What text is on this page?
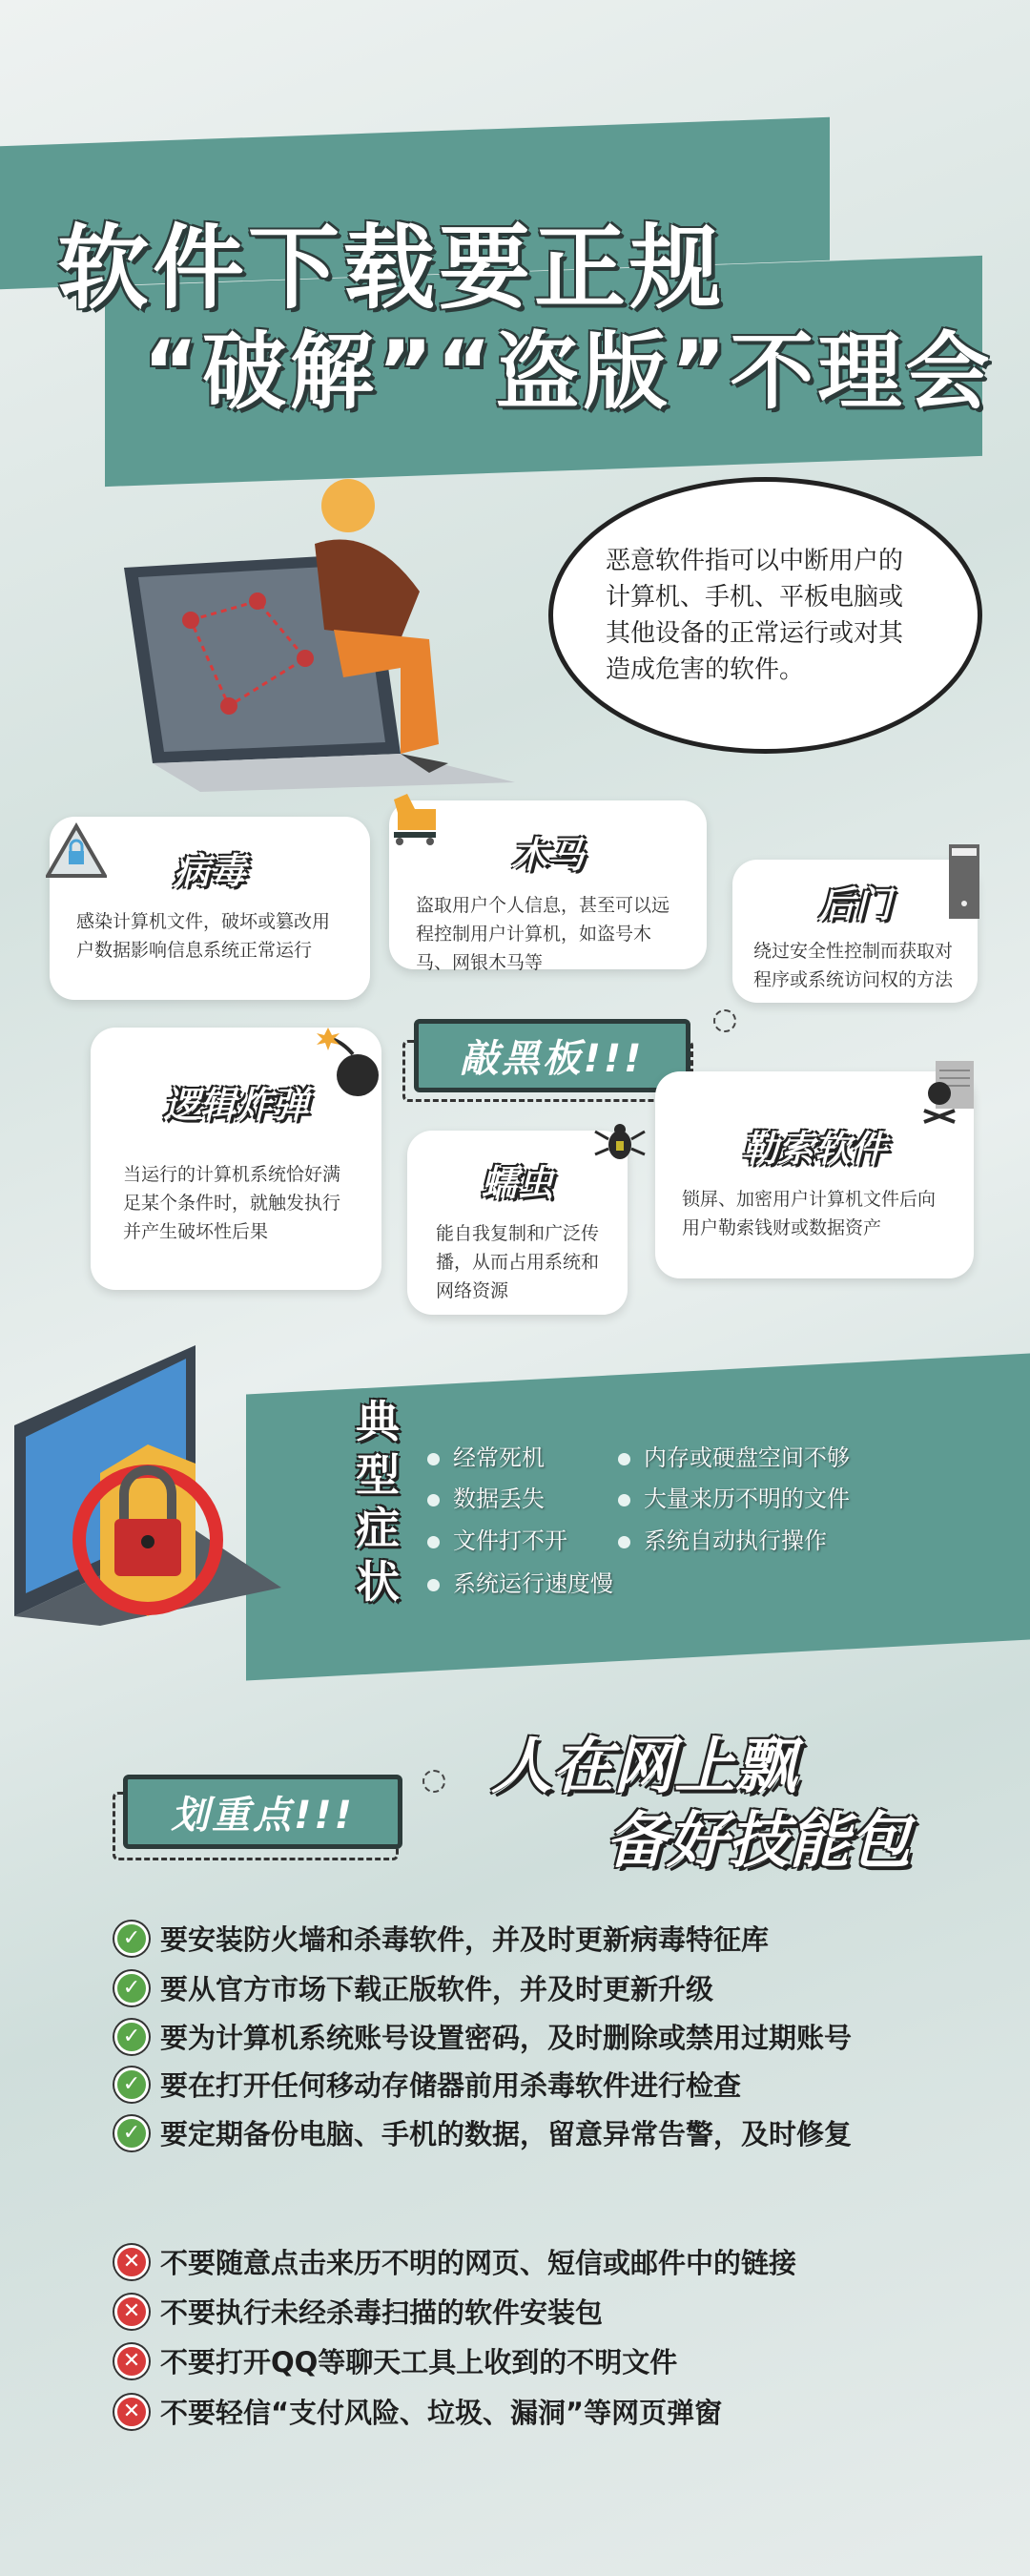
软件下载要正规
“破解”“盗版”不理会

恶意软件指可以中断用户的计算机、手机、平板电脑或其他设备的正常运行或对其造成危害的软件。

病毒

感染计算机文件，破坏或篡改用户数据影响信息系统正常运行

木马

盗取用户个人信息，甚至可以远程控制用户计算机，如盗号木马、网银木马等

后门

绕过安全性控制而获取对程序或系统访问权的方法

逻辑炸弹

当运行的计算机系统恰好满足某个条件时，就触发执行并产生破坏性后果

敲黑板!!!
蠕虫

能自我复制和广泛传播，从而占用系统和网络资源

勒索软件

锁屏、加密用户计算机文件后向用户勒索钱财或数据资产

典
型
症
状
经常死机	内存或硬盘空间不够
数据丢失	大量来历不明的文件
文件打不开	系统自动执行操作
系统运行速度慢
人在网上飘
备好技能包
划重点!!!
✓ 要安装防火墙和杀毒软件，并及时更新病毒特征库
✓ 要从官方市场下载正版软件，并及时更新升级
✓ 要为计算机系统账号设置密码，及时删除或禁用过期账号
✓ 要在打开任何移动存储器前用杀毒软件进行检查
✓ 要定期备份电脑、手机的数据，留意异常告警，及时修复
✕ 不要随意点击来历不明的网页、短信或邮件中的链接
✕ 不要执行未经杀毒扫描的软件安装包
✕ 不要打开QQ等聊天工具上收到的不明文件
✕ 不要轻信“支付风险、垃圾、漏洞”等网页弹窗
